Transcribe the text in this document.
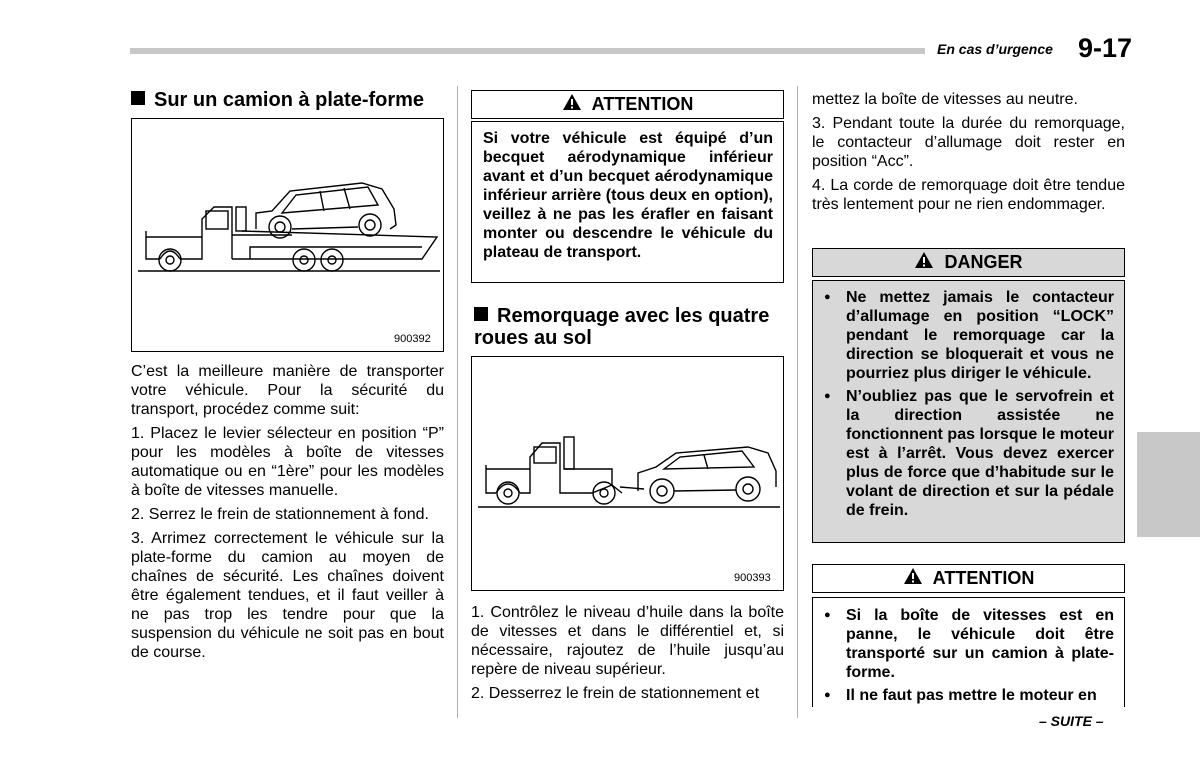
En cas d’urgence 9-17
Sur un camion à plate-forme
900392

C’est la meilleure manière de transporter votre véhicule. Pour la sécurité du transport, procédez comme suit:

1. Placez le levier sélecteur en position “P” pour les modèles à boîte de vitesses automatique ou en “1ère” pour les modèles à boîte de vitesses manuelle.

2. Serrez le frein de stationnement à fond.

3. Arrimez correctement le véhicule sur la plate-forme du camion au moyen de chaînes de sécurité. Les chaînes doivent être également tendues, et il faut veiller à ne pas trop les tendre pour que la suspension du véhicule ne soit pas en bout de course.

ATTENTION
Si votre véhicule est équipé d’un becquet aérodynamique inférieur avant et d’un becquet aérodynamique inférieur arrière (tous deux en option), veillez à ne pas les érafler en faisant monter ou descendre le véhicule du plateau de transport.
Remorquage avec les quatre roues au sol
900393

1. Contrôlez le niveau d’huile dans la boîte de vitesses et dans le différentiel et, si nécessaire, rajoutez de l’huile jusqu’au repère de niveau supérieur.

2. Desserrez le frein de stationnement et

mettez la boîte de vitesses au neutre.

3. Pendant toute la durée du remorquage, le contacteur d’allumage doit rester en position “Acc”.

4. La corde de remorquage doit être tendue très lentement pour ne rien endommager.

DANGER
● Ne mettez jamais le contacteur d’allumage en position “LOCK” pendant le remorquage car la direction se bloquerait et vous ne pourriez plus diriger le véhicule.
● N’oubliez pas que le servofrein et la direction assistée ne fonctionnent pas lorsque le moteur est à l’arrêt. Vous devez exercer plus de force que d’habitude sur le volant de direction et sur la pédale de frein.
ATTENTION
● Si la boîte de vitesses est en panne, le véhicule doit être transporté sur un camion à plate-forme.
● Il ne faut pas mettre le moteur en
– SUITE –
